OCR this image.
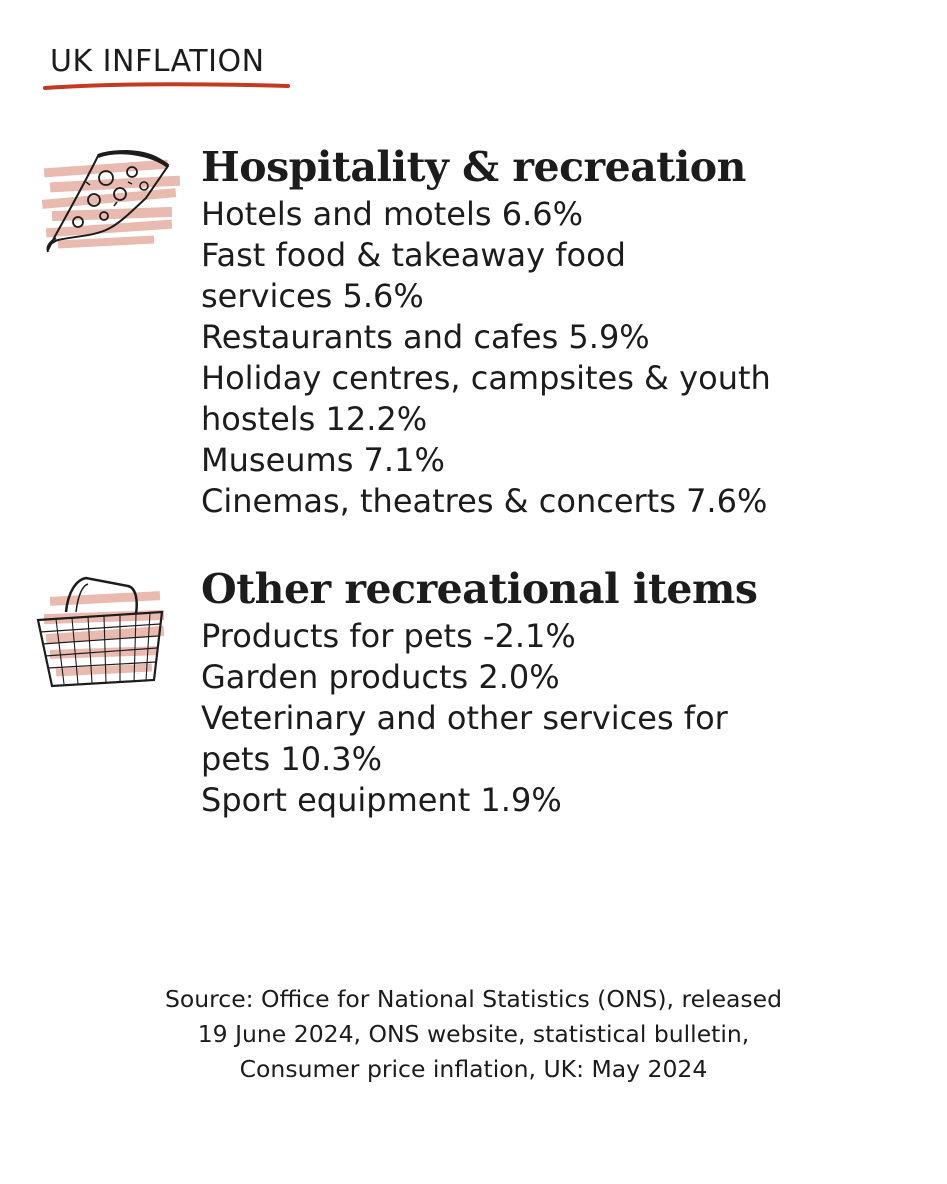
UK INFLATION
Hospitality & recreation
Hotels and motels 6.6%
Fast food & takeaway food
services 5.6%
Restaurants and cafes 5.9%
Holiday centres, campsites & youth
hostels 12.2%
Museums 7.1%
Cinemas, theatres & concerts 7.6%
Other recreational items
Products for pets -2.1%
Garden products 2.0%
Veterinary and other services for
pets 10.3%
Sport equipment 1.9%
Source: Office for National Statistics (ONS), released
19 June 2024, ONS website, statistical bulletin,
Consumer price inflation, UK: May 2024
